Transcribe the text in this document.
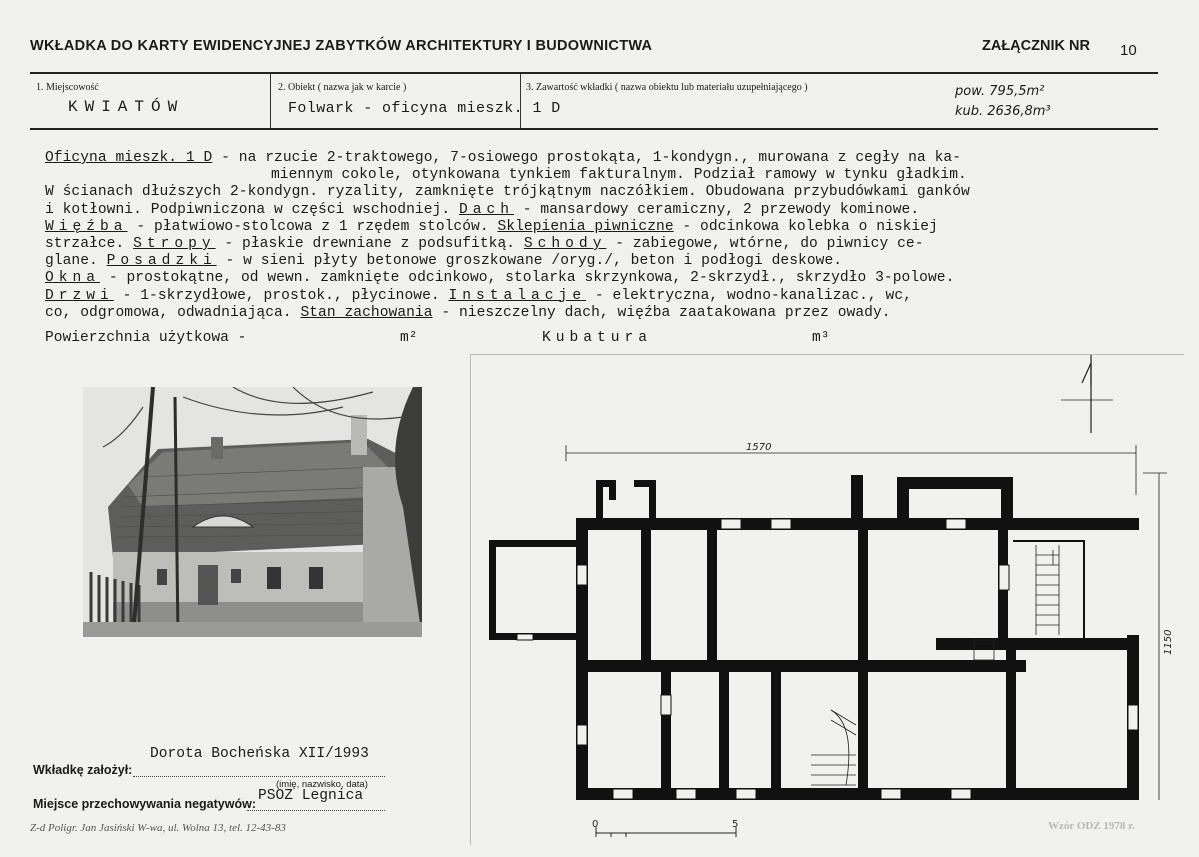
WKŁADKA DO KARTY EWIDENCYJNEJ ZABYTKÓW ARCHITEKTURY I BUDOWNICTWA	ZAŁĄCZNIK NR 10
1. Miejscowość
KWIATÓW
2. Obiekt ( nazwa jak w karcie )
Folwark - oficyna mieszk. 1 D
3. Zawartość wkładki ( nazwa obiektu lub materiału uzupełniającego )	pow. 795,5m²
kub. 2636,8m³
Oficyna mieszk. 1 D - na rzucie 2-traktowego, 7-osiowego prostokąta, 1-kondygn., murowana z cegły na ka-
miennym cokole, otynkowana tynkiem fakturalnym. Podział ramowy w tynku gładkim.
W ścianach dłuższych 2-kondygn. ryzality, zamknięte trójkątnym naczółkiem. Obudowana przybudówkami ganków
i kotłowni. Podpiwniczona w części wschodniej. Dach - mansardowy ceramiczny, 2 przewody kominowe.
Więźba - płatwiowo-stolcowa z 1 rzędem stolców. Sklepienia piwniczne - odcinkowa kolebka o niskiej
strzałce. Stropy - płaskie drewniane z podsufitką. Schody - zabiegowe, wtórne, do piwnicy ce-
glane. Posadzki - w sieni płyty betonowe groszkowane /oryg./, beton i podłogi deskowe.
Okna - prostokątne, od wewn. zamknięte odcinkowo, stolarka skrzynkowa, 2-skrzydł., skrzydło 3-polowe.
Drzwi - 1-skrzydłowe, prostok., płycinowe. Instalacje - elektryczna, wodno-kanalizac., wc,
co, odgromowa, odwadniająca. Stan zachowania - nieszczelny dach, więźba zaatakowana przez owady.
Powierzchnia użytkowa -	m²	Kubatura	m³
1570
1150
0	5
Dorota Bocheńska XII/1993
Wkładkę założył:
(imię, nazwisko, data)
PSOZ Legnica
Miejsce przechowywania negatywów:
Z-d Poligr. Jan Jasiński W-wa, ul. Wolna 13, tel. 12-43-83	Wzór ODZ 1978 r.
